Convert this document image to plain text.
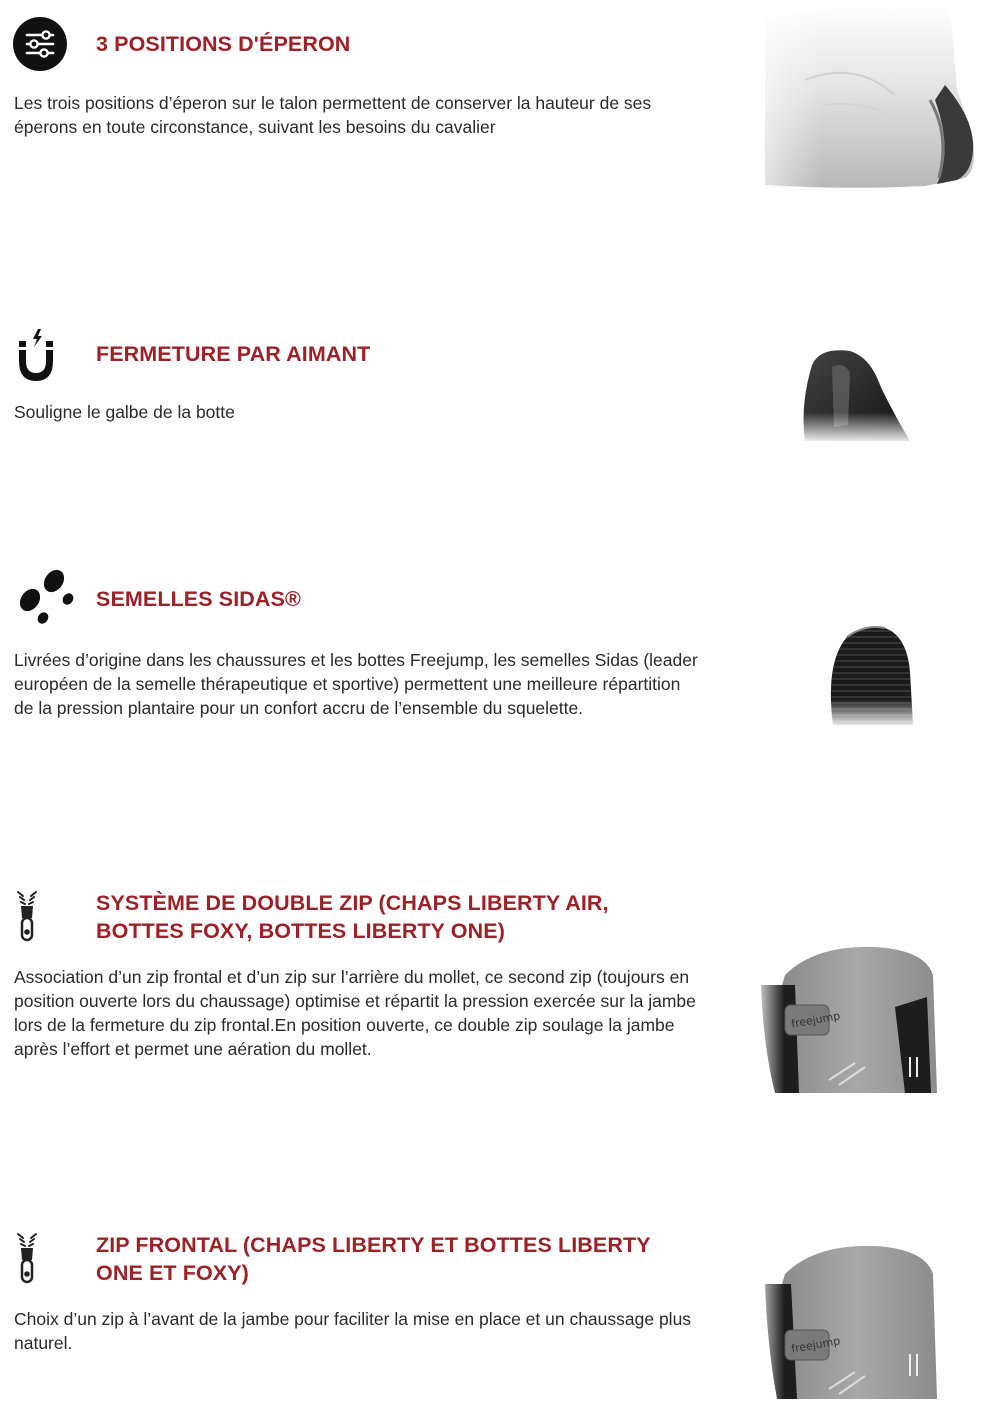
3 POSITIONS D'ÉPERON

Les trois positions d’éperon sur le talon permettent de conserver la hauteur de ses éperons en toute circonstance, suivant les besoins du cavalier

FERMETURE PAR AIMANT

Souligne le galbe de la botte

SEMELLES SIDAS®

Livrées d’origine dans les chaussures et les bottes Freejump, les semelles Sidas (leader européen de la semelle thérapeutique et sportive) permettent une meilleure répartition de la pression plantaire pour un confort accru de l’ensemble du squelette.

SYSTÈME DE DOUBLE ZIP (CHAPS LIBERTY AIR, BOTTES FOXY, BOTTES LIBERTY ONE)

Association d’un zip frontal et d’un zip sur l’arrière du mollet, ce second zip (toujours en position ouverte lors du chaussage) optimise et répartit la pression exercée sur la jambe lors de la fermeture du zip frontal.En position ouverte, ce double zip soulage la jambe après l’effort et permet une aération du mollet.

ZIP FRONTAL (CHAPS LIBERTY ET BOTTES LIBERTY ONE ET FOXY)

Choix d’un zip à l’avant de la jambe pour faciliter la mise en place et un chaussage plus naturel.
